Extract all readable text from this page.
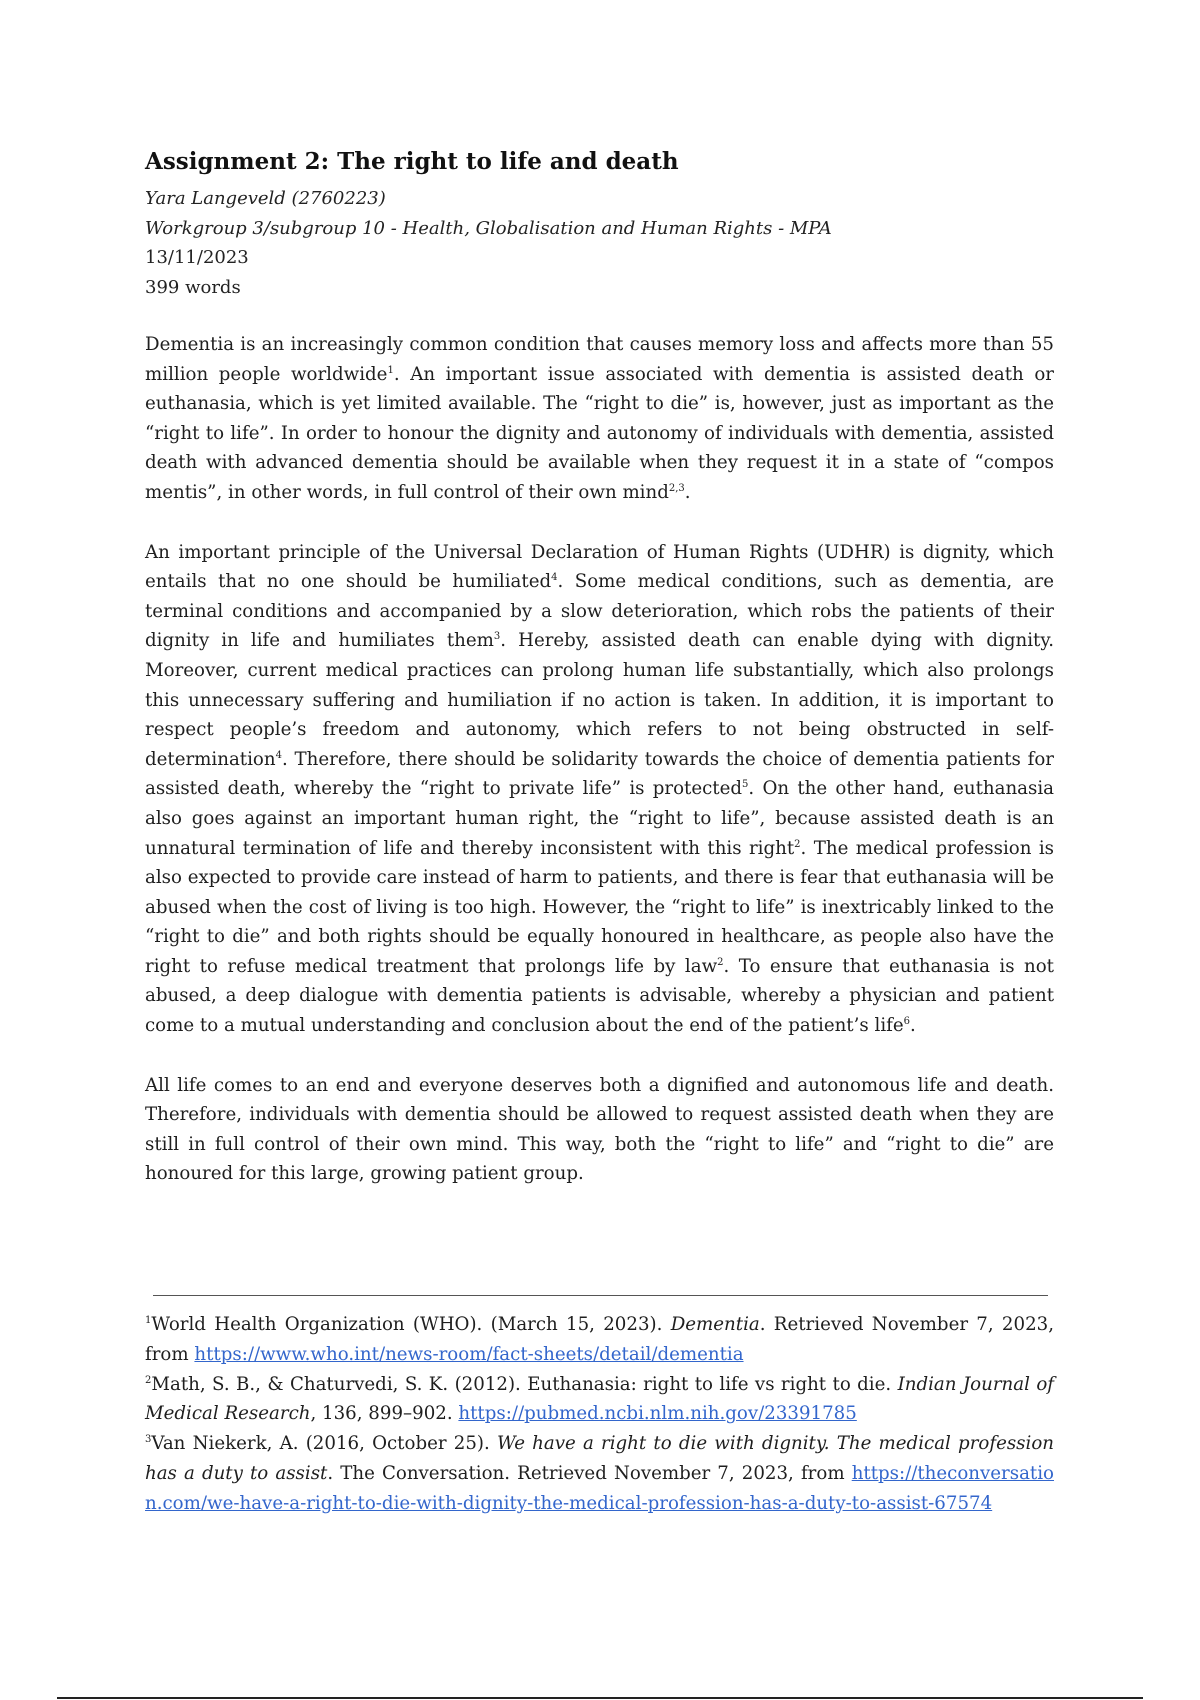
Assignment 2: The right to life and death

Yara Langeveld (2760223)

Workgroup 3/subgroup 10 - Health, Globalisation and Human Rights - MPA

13/11/2023

399 words

Dementia is an increasingly common condition that causes memory loss and affects more than 55 million people worldwide$^1$. An important issue associated with dementia is assisted death or euthanasia, which is yet limited available. The “right to die” is, however, just as important as the “right to life”. In order to honour the dignity and autonomy of individuals with dementia, assisted death with advanced dementia should be available when they request it in a state of “compos mentis”, in other words, in full control of their own mind$^{2,3}$.
An important principle of the Universal Declaration of Human Rights (UDHR) is dignity, which entails that no one should be humiliated$^4$. Some medical conditions, such as dementia, are terminal conditions and accompanied by a slow deterioration, which robs the patients of their dignity in life and humiliates them$^3$. Hereby, assisted death can enable dying with dignity. Moreover, current medical practices can prolong human life substantially, which also prolongs this unnecessary suffering and humiliation if no action is taken. In addition, it is important to respect people’s freedom and autonomy, which refers to not being obstructed in self-determination$^4$. Therefore, there should be solidarity towards the choice of dementia patients for assisted death, whereby the “right to private life” is protected$^5$. On the other hand, euthanasia also goes against an important human right, the “right to life”, because assisted death is an unnatural termination of life and thereby inconsistent with this right$^2$. The medical profession is also expected to provide care instead of harm to patients, and there is fear that euthanasia will be abused when the cost of living is too high. However, the “right to life” is inextricably linked to the “right to die” and both rights should be equally honoured in healthcare, as people also have the right to refuse medical treatment that prolongs life by law$^2$. To ensure that euthanasia is not abused, a deep dialogue with dementia patients is advisable, whereby a physician and patient come to a mutual understanding and conclusion about the end of the patient’s life$^6$.
All life comes to an end and everyone deserves both a dignified and autonomous life and death. Therefore, individuals with dementia should be allowed to request assisted death when they are still in full control of their own mind. This way, both the “right to life” and “right to die” are honoured for this large, growing patient group.

$^1$World Health Organization (WHO). (March 15, 2023). Dementia. Retrieved November 7, 2023, from https://www.who.int/news-room/fact-sheets/detail/dementia

$^2$Math, S. B., & Chaturvedi, S. K. (2012). Euthanasia: right to life vs right to die. Indian Journal of Medical Research, 136, 899–902. https://pubmed.ncbi.nlm.nih.gov/23391785

$^3$Van Niekerk, A. (2016, October 25). We have a right to die with dignity. The medical profession has a duty to assist. The Conversation. Retrieved November 7, 2023, from https://theconversation.com/we-have-a-right-to-die-with-dignity-the-medical-profession-has-a-duty-to-assist-67574
